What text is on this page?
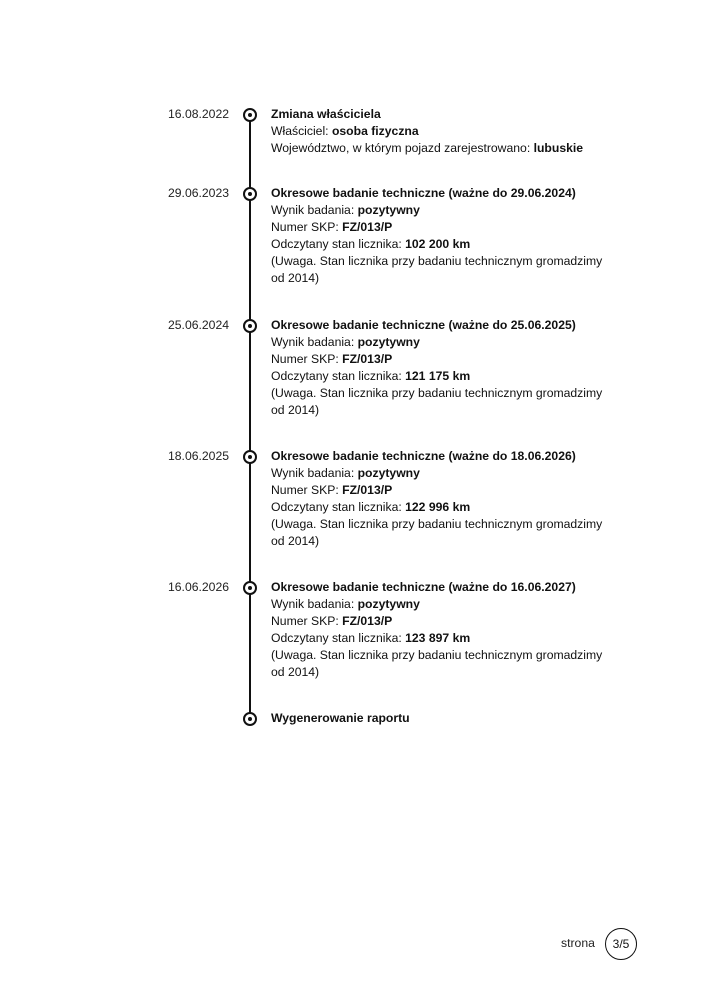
16.08.2022	Zmiana właściciela
Właściciel: osoba fizyczna
Województwo, w którym pojazd zarejestrowano: lubuskie
29.06.2023	Okresowe badanie techniczne (ważne do 29.06.2024)
Wynik badania: pozytywny
Numer SKP: FZ/013/P
Odczytany stan licznika: 102 200 km
(Uwaga. Stan licznika przy badaniu technicznym gromadzimy od 2014)
25.06.2024	Okresowe badanie techniczne (ważne do 25.06.2025)
Wynik badania: pozytywny
Numer SKP: FZ/013/P
Odczytany stan licznika: 121 175 km
(Uwaga. Stan licznika przy badaniu technicznym gromadzimy od 2014)
18.06.2025	Okresowe badanie techniczne (ważne do 18.06.2026)
Wynik badania: pozytywny
Numer SKP: FZ/013/P
Odczytany stan licznika: 122 996 km
(Uwaga. Stan licznika przy badaniu technicznym gromadzimy od 2014)
16.06.2026	Okresowe badanie techniczne (ważne do 16.06.2027)
Wynik badania: pozytywny
Numer SKP: FZ/013/P
Odczytany stan licznika: 123 897 km
(Uwaga. Stan licznika przy badaniu technicznym gromadzimy od 2014)
Wygenerowanie raportu
strona	3/5
